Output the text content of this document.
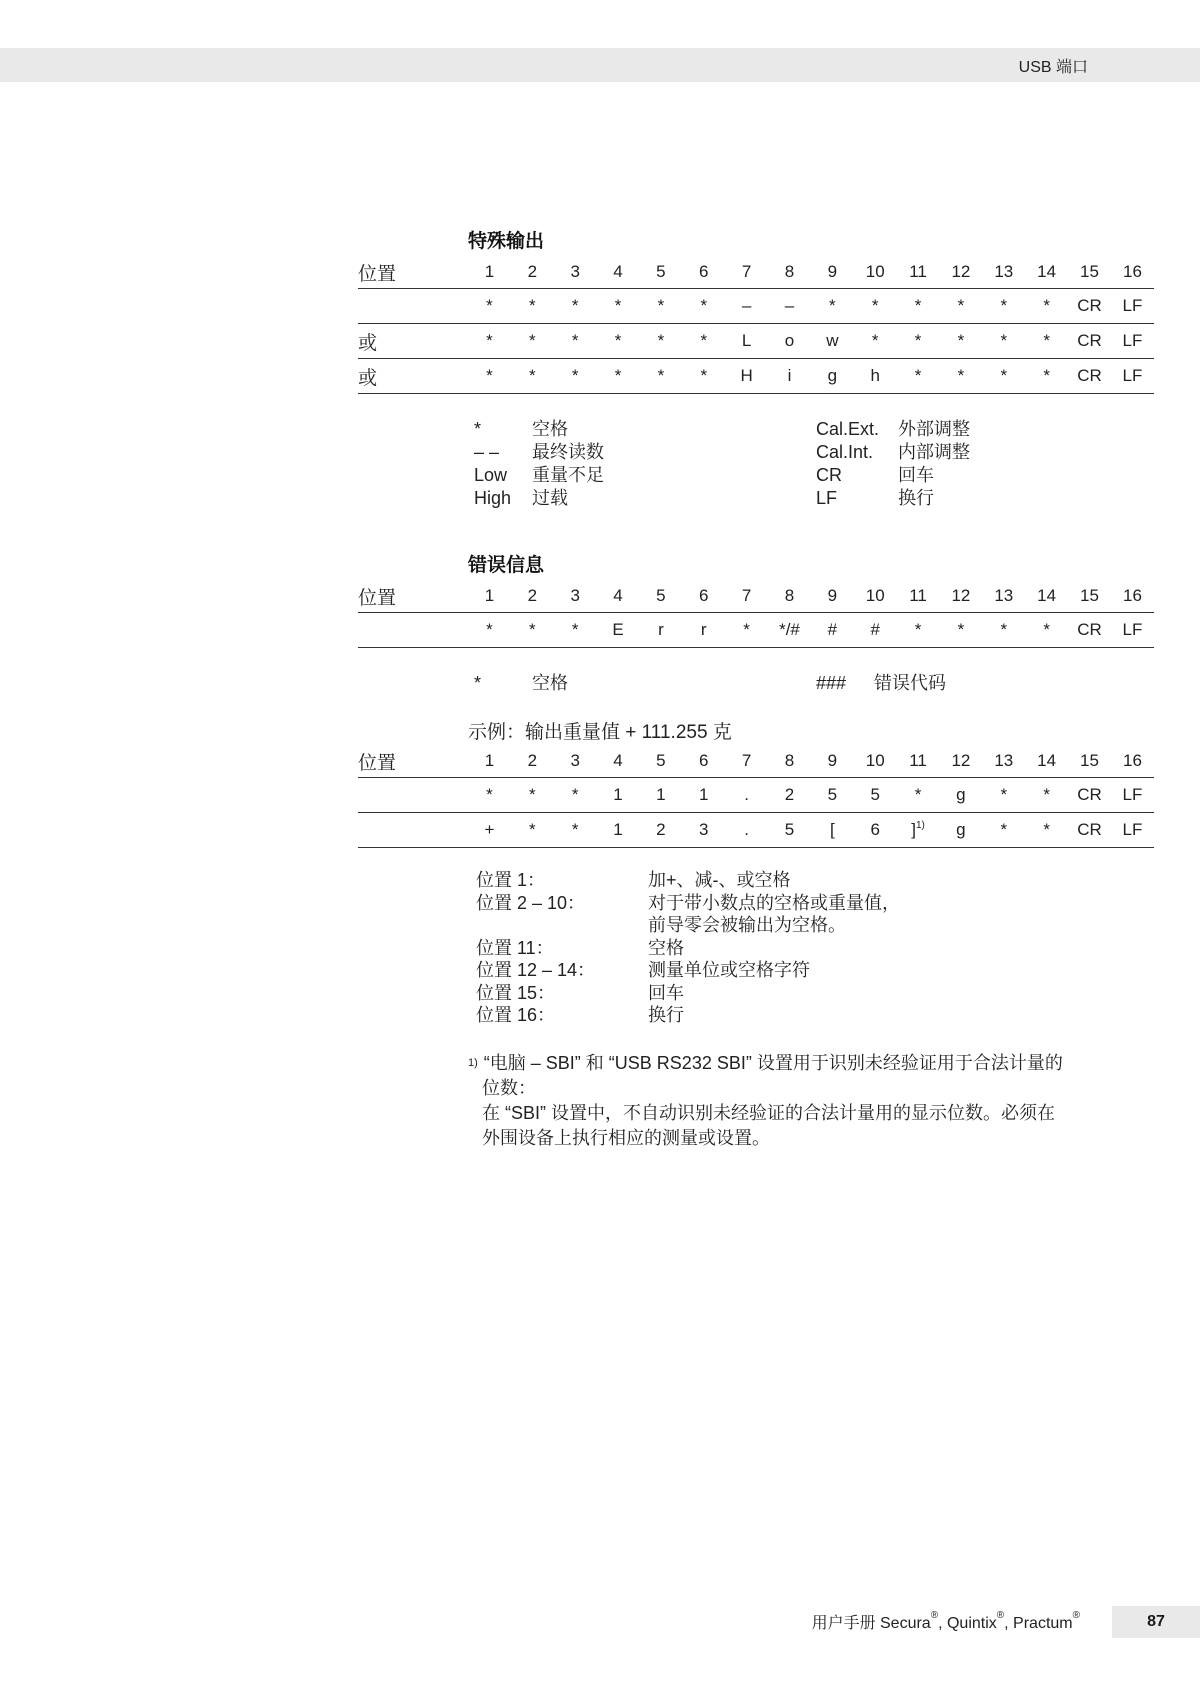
USB 端口
特殊输出
位置	1	2	3	4	5	6	7	8	9	10	11	12	13	14	15	16
	*	*	*	*	*	*	–	–	*	*	*	*	*	*	CR	LF
或	*	*	*	*	*	*	L	o	w	*	*	*	*	*	CR	LF
或	*	*	*	*	*	*	H	i	g	h	*	*	*	*	CR	LF
*	空格
– – 最终读数
Low 重量不足
High 过载
Cal.Ext. 外部调整
Cal.Int. 内部调整
CR	回车
LF	换行
错误信息
位置	1	2	3	4	5	6	7	8	9	10	11	12	13	14	15	16
	*	*	*	E	r	r	*	*/#	#	#	*	*	*	*	CR	LF
*	空格	### 错误代码
示例：输出重量值 + 111.255 克
位置	1	2	3	4	5	6	7	8	9	10	11	12	13	14	15	16
	*	*	*	1	1	1	.	2	5	5	*	g	*	*	CR	LF
	+	*	*	1	2	3	.	5	[	6	]$^{1)}$	g	*	*	CR	LF
位置 1：	加+、减-、或空格
位置 2 – 10：	对于带小数点的空格或重量值，
前导零会被输出为空格。
位置 11：	空格
位置 12 – 14：	测量单位或空格字符
位置 15：	回车
位置 16：	换行
$^{1)}$ “电脑 – SBI” 和 “USB RS232 SBI” 设置用于识别未经验证用于合法计量的
位数：
在 “SBI” 设置中，不自动识别未经验证的合法计量用的显示位数。必须在
外围设备上执行相应的测量或设置。
用户手册 Secura®, Quintix®, Practum®	87
